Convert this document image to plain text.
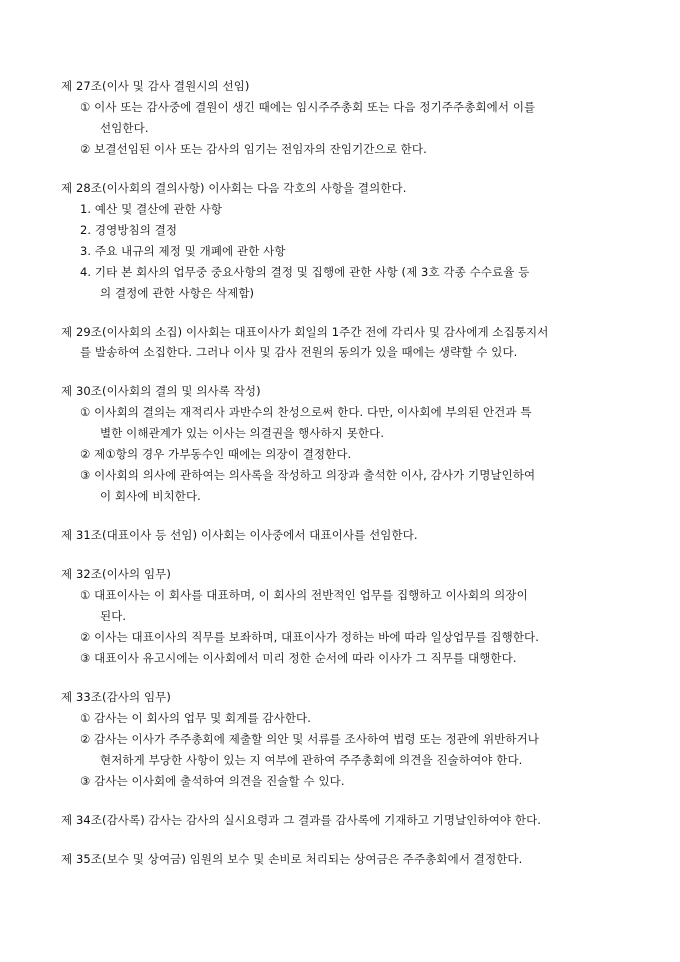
제 27조(이사 및 감사 결원시의 선임)
① 이사 또는 감사중에 결원이 생긴 때에는 임시주주총회 또는 다음 정기주주총회에서 이를
선임한다.
② 보결선임된 이사 또는 감사의 임기는 전임자의 잔임기간으로 한다.
제 28조(이사회의 결의사항) 이사회는 다음 각호의 사항을 결의한다.
1. 예산 및 결산에 관한 사항
2. 경영방침의 결정
3. 주요 내규의 제정 및 개폐에 관한 사항
4. 기타 본 회사의 업무중 중요사항의 결정 및 집행에 관한 사항 (제 3호 각종 수수료율 등
의 결정에 관한 사항은 삭제함)
제 29조(이사회의 소집) 이사회는 대표이사가 회일의 1주간 전에 각리사 및 감사에게 소집통지서
를 발송하여 소집한다. 그러나 이사 및 감사 전원의 동의가 있을 때에는 생략할 수 있다.
제 30조(이사회의 결의 및 의사록 작성)
① 이사회의 결의는 재적리사 과반수의 찬성으로써 한다. 다만, 이사회에 부의된 안건과 특
별한 이해관계가 있는 이사는 의결권을 행사하지 못한다.
② 제①항의 경우 가부동수인 때에는 의장이 결정한다.
③ 이사회의 의사에 관하여는 의사록을 작성하고 의장과 출석한 이사, 감사가 기명날인하여
이 회사에 비치한다.
제 31조(대표이사 등 선임) 이사회는 이사중에서 대표이사를 선임한다.
제 32조(이사의 임무)
① 대표이사는 이 회사를 대표하며, 이 회사의 전반적인 업무를 집행하고 이사회의 의장이
된다.
② 이사는 대표이사의 직무를 보좌하며, 대표이사가 정하는 바에 따라 일상업무를 집행한다.
③ 대표이사 유고시에는 이사회에서 미리 정한 순서에 따라 이사가 그 직무를 대행한다.
제 33조(감사의 임무)
① 감사는 이 회사의 업무 및 회계를 감사한다.
② 감사는 이사가 주주총회에 제출할 의안 및 서류를 조사하여 법령 또는 정관에 위반하거나
현저하게 부당한 사항이 있는 지 여부에 관하여 주주총회에 의견을 진술하여야 한다.
③ 감사는 이사회에 출석하여 의견을 진술할 수 있다.
제 34조(감사록) 감사는 감사의 실시요령과 그 결과를 감사록에 기재하고 기명날인하여야 한다.
제 35조(보수 및 상여금) 임원의 보수 및 손비로 처리되는 상여금은 주주총회에서 결정한다.
